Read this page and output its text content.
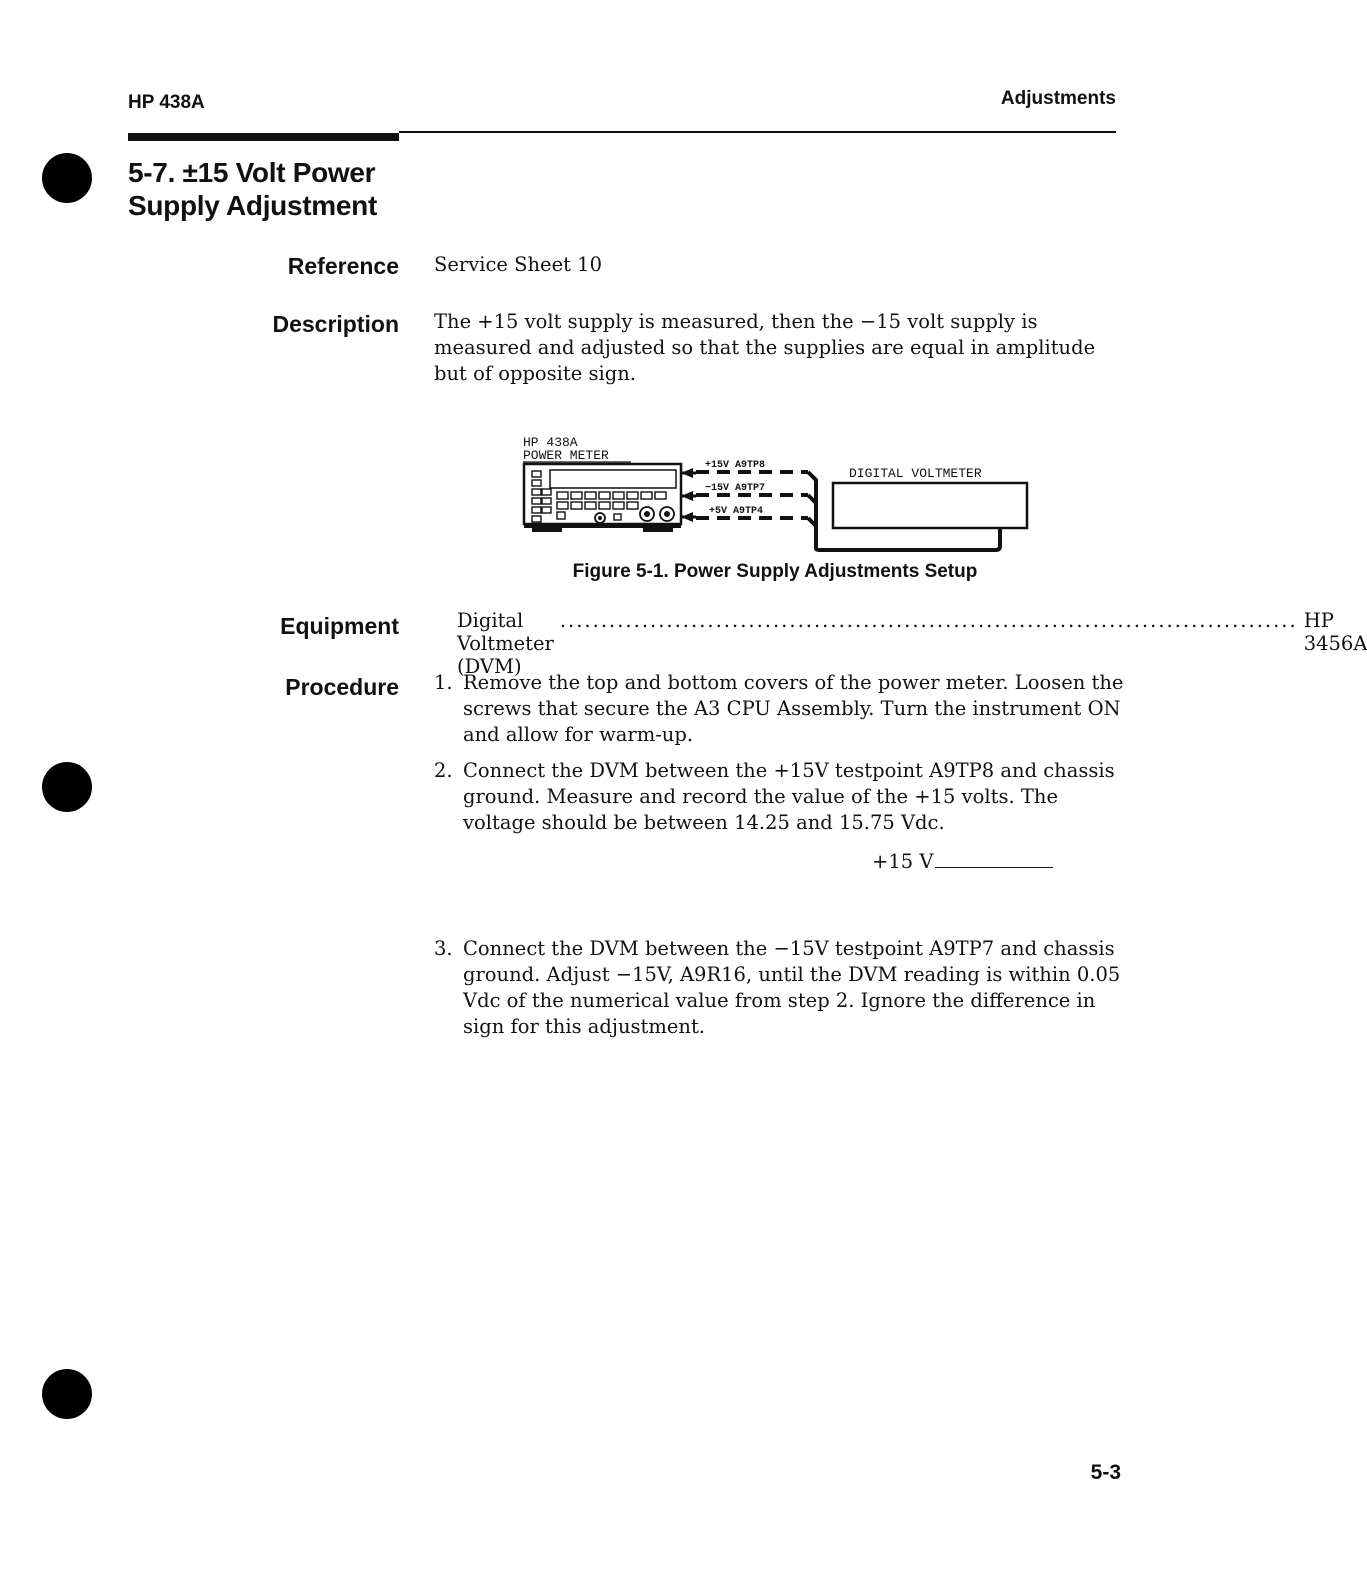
HP 438A	Adjustments
5-7. ±15 Volt Power
Supply Adjustment
Reference Service Sheet 10
Description The +15 volt supply is measured, then the −15 volt supply is measured and adjusted so that the supplies are equal in amplitude but of opposite sign.
HP 438A
POWER METER
DIGITAL VOLTMETER
+15V A9TP8
−15V A9TP7
+5V A9TP4
Figure 5-1. Power Supply Adjustments Setup
Equipment	Digital Voltmeter (DVM)
.......................................................................................... HP 3456A
Procedure 1. Remove the top and bottom covers of the power meter. Loosen the screws that secure the A3 CPU Assembly. Turn the instrument ON and allow for warm-up.
2. Connect the DVM between the +15V testpoint A9TP8 and chassis ground. Measure and record the value of the +15 volts. The voltage should be between 14.25 and 15.75 Vdc.
3. Connect the DVM between the −15V testpoint A9TP7 and chassis ground. Adjust −15V, A9R16, until the DVM reading is within 0.05 Vdc of the numerical value from step 2. Ignore the difference in sign for this adjustment.
+15 V
5-3
